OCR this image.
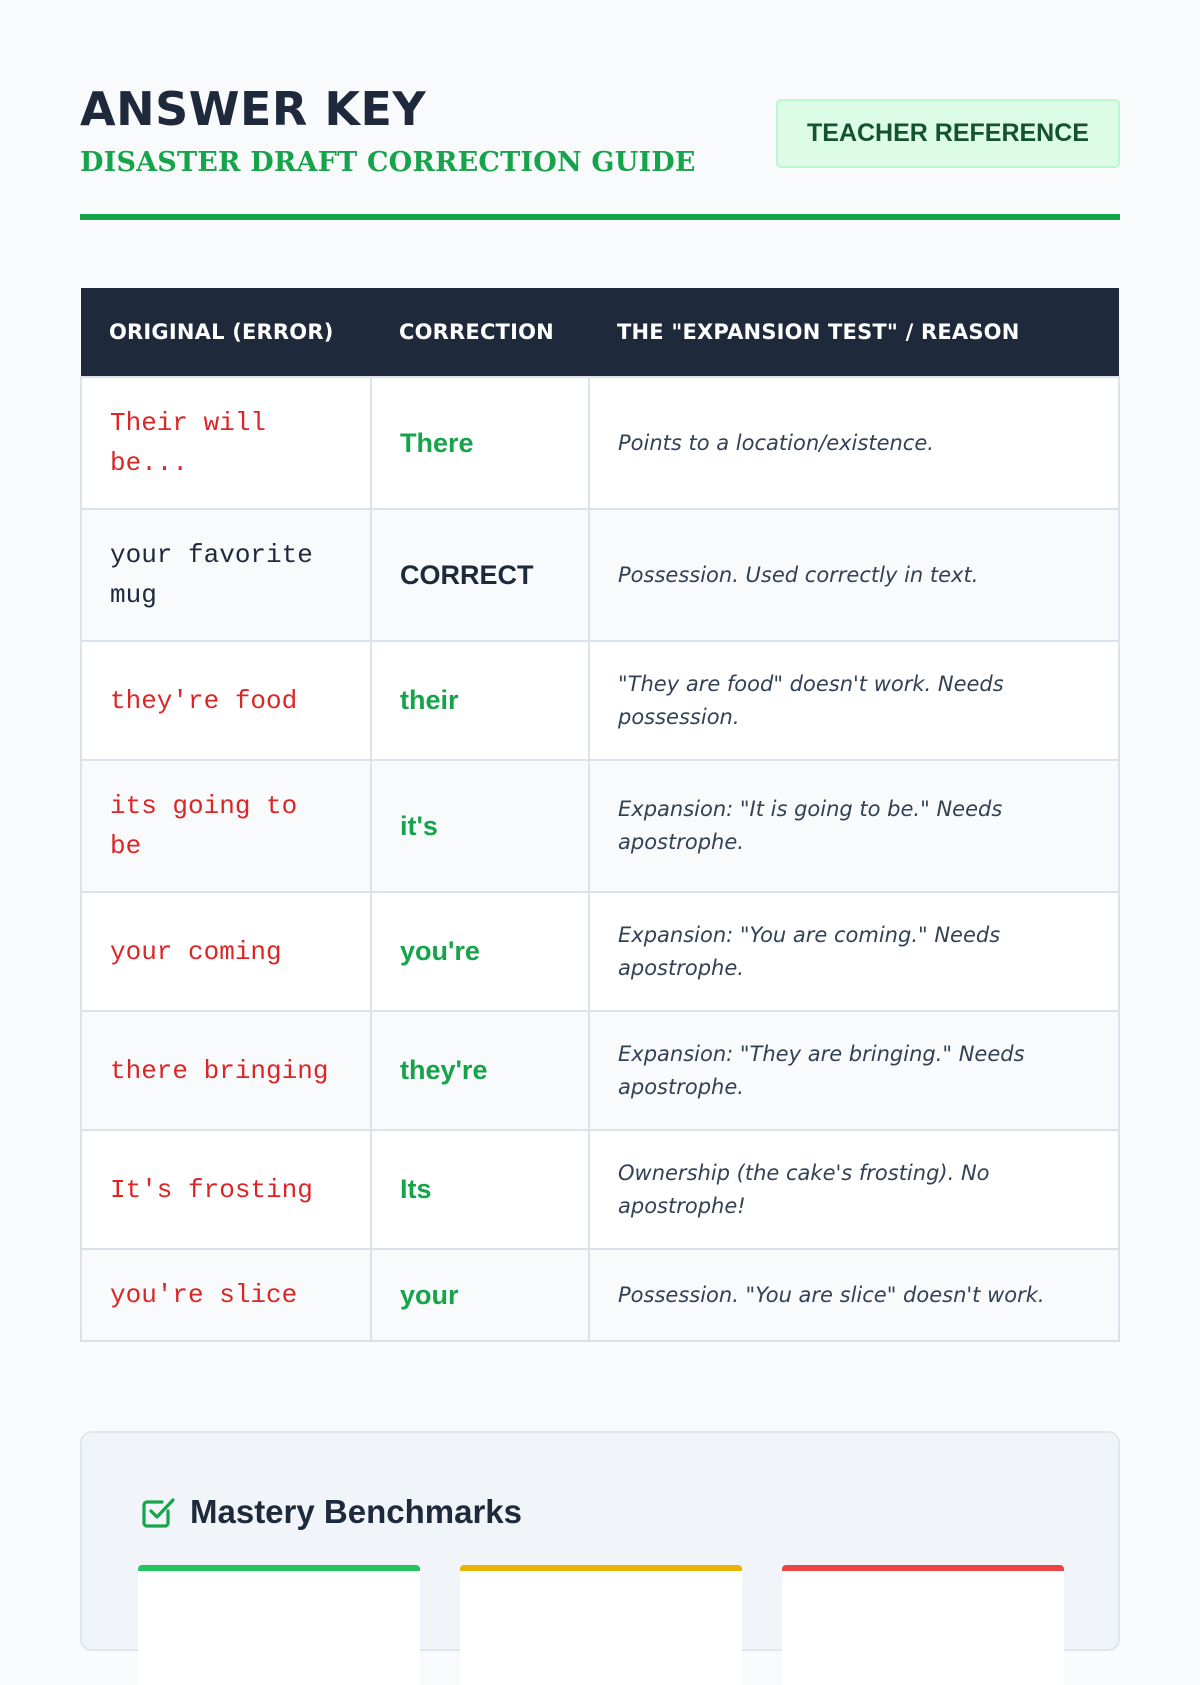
ANSWER KEY
DISASTER DRAFT CORRECTION GUIDE
TEACHER REFERENCE
ORIGINAL (ERROR)	CORRECTION	THE "EXPANSION TEST" / REASON
Their will be...	There	Points to a location/existence.
your favorite mug	CORRECT	Possession. Used correctly in text.
they're food	their	"They are food" doesn't work. Needs possession.
its going to be	it's	Expansion: "It is going to be." Needs apostrophe.
your coming	you're	Expansion: "You are coming." Needs apostrophe.
there bringing	they're	Expansion: "They are bringing." Needs apostrophe.
It's frosting	Its	Ownership (the cake's frosting). No apostrophe!
you're slice	your	Possession. "You are slice" doesn't work.
Mastery Benchmarks
